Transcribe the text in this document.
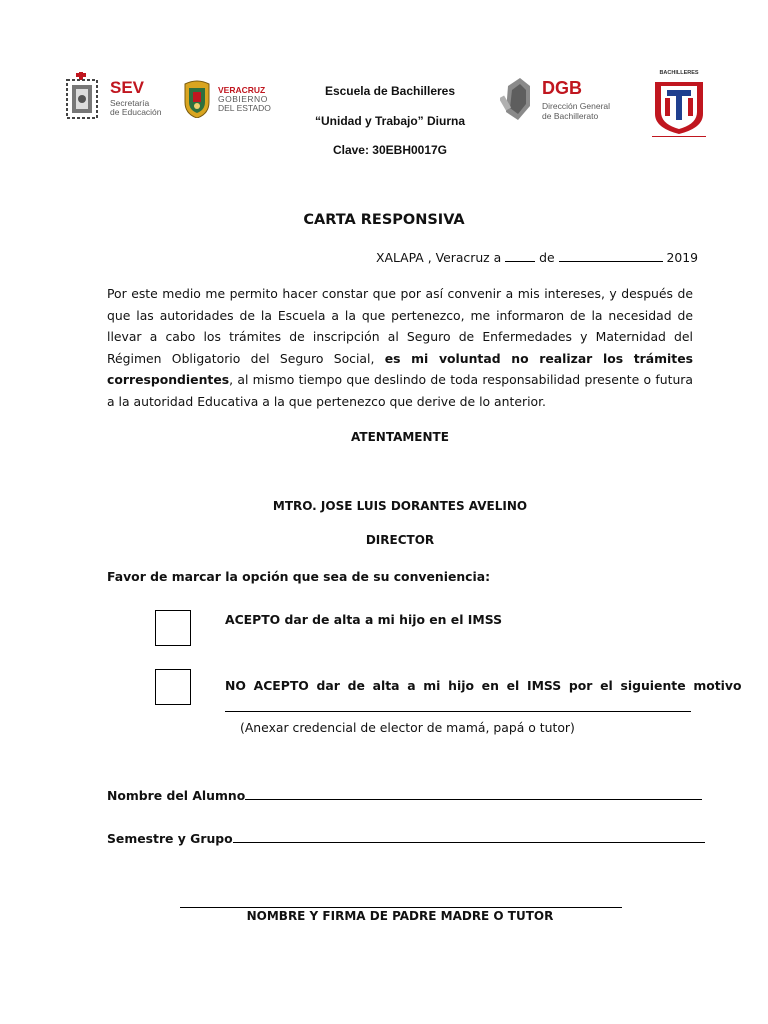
SEV
Secretaría
de Educación
VERACRUZ
GOBIERNO
DEL ESTADO
Escuela de Bachilleres
“Unidad y Trabajo” Diurna
Clave: 30EBH0017G
DGB
Dirección General
de Bachillerato
BACHILLERES
CARTA RESPONSIVA
XALAPA , Veracruz a	de	2019
Por este medio me permito hacer constar que por así convenir a mis intereses, y después de que las autoridades de la Escuela a la que pertenezco, me informaron de la necesidad de llevar a cabo los trámites de inscripción al Seguro de Enfermedades y Maternidad del Régimen Obligatorio del Seguro Social, es mi voluntad no realizar los trámites correspondientes, al mismo tiempo que deslindo de toda responsabilidad presente o futura a la autoridad Educativa a la que pertenezco que derive de lo anterior.
ATENTAMENTE
MTRO. JOSE LUIS DORANTES AVELINO
DIRECTOR
Favor de marcar la opción que sea de su conveniencia:
ACEPTO dar de alta a mi hijo en el IMSS
NO ACEPTO dar de alta a mi hijo en el IMSS por el siguiente motivo
(Anexar credencial de elector de mamá, papá o tutor)
Nombre del Alumno
Semestre y Grupo
NOMBRE Y FIRMA DE PADRE MADRE O TUTOR
